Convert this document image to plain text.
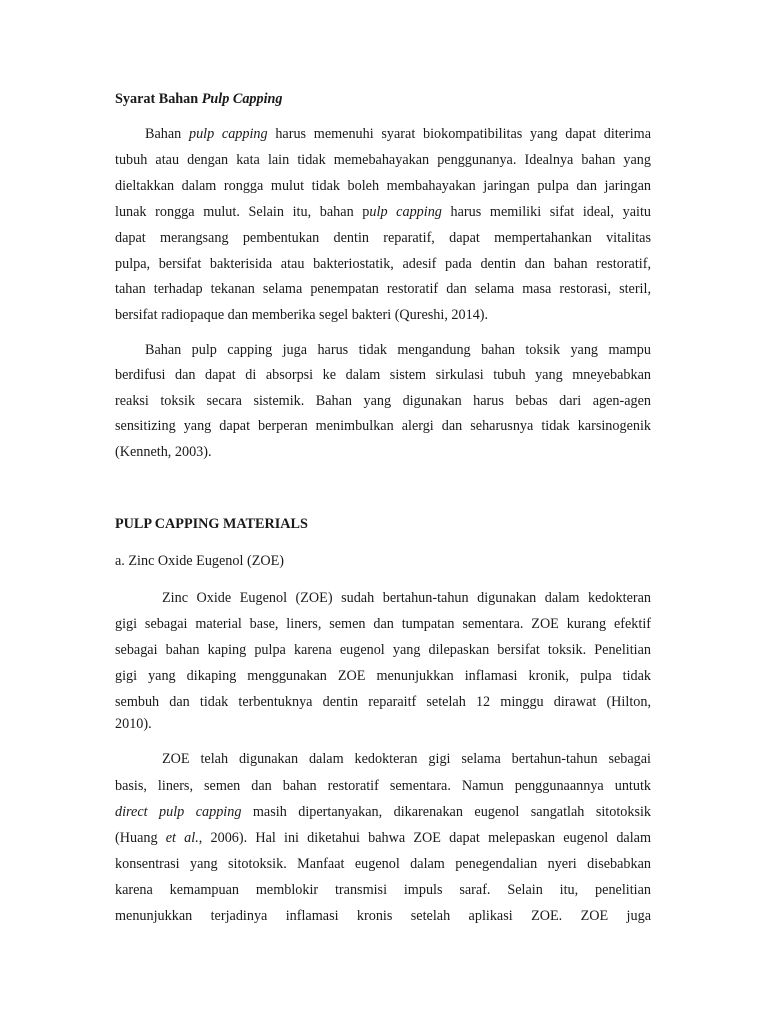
Syarat Bahan Pulp Capping
Bahan pulp capping harus memenuhi syarat biokompatibilitas yang dapat diterima
tubuh atau dengan kata lain tidak memebahayakan penggunanya. Idealnya bahan yang
dieltakkan dalam rongga mulut tidak boleh membahayakan jaringan pulpa dan jaringan
lunak rongga mulut. Selain itu, bahan pulp capping harus memiliki sifat ideal, yaitu
dapat merangsang pembentukan dentin reparatif, dapat mempertahankan vitalitas
pulpa, bersifat bakterisida atau bakteriostatik, adesif pada dentin dan bahan restoratif,
tahan terhadap tekanan selama penempatan restoratif dan selama masa restorasi, steril,
bersifat radiopaque dan memberika segel bakteri (Qureshi, 2014).
Bahan pulp capping juga harus tidak mengandung bahan toksik yang mampu
berdifusi dan dapat di absorpsi ke dalam sistem sirkulasi tubuh yang mneyebabkan
reaksi toksik secara sistemik. Bahan yang digunakan harus bebas dari agen-agen
sensitizing yang dapat berperan menimbulkan alergi dan seharusnya tidak karsinogenik
(Kenneth, 2003).
PULP CAPPING MATERIALS
a. Zinc Oxide Eugenol (ZOE)
Zinc Oxide Eugenol (ZOE) sudah bertahun-tahun digunakan dalam kedokteran
gigi sebagai material base, liners, semen dan tumpatan sementara. ZOE kurang efektif
sebagai bahan kaping pulpa karena eugenol yang dilepaskan bersifat toksik. Penelitian
gigi yang dikaping menggunakan ZOE menunjukkan inflamasi kronik, pulpa tidak
sembuh dan tidak terbentuknya dentin reparaitf setelah 12 minggu dirawat (Hilton,
2010).
ZOE telah digunakan dalam kedokteran gigi selama bertahun-tahun sebagai
basis, liners, semen dan bahan restoratif sementara. Namun penggunaannya untutk
direct pulp capping masih dipertanyakan, dikarenakan eugenol sangatlah sitotoksik
(Huang et al., 2006). Hal ini diketahui bahwa ZOE dapat melepaskan eugenol dalam
konsentrasi yang sitotoksik. Manfaat eugenol dalam penegendalian nyeri disebabkan
karena kemampuan memblokir transmisi impuls saraf. Selain itu, penelitian
menunjukkan terjadinya inflamasi kronis setelah aplikasi ZOE. ZOE juga
